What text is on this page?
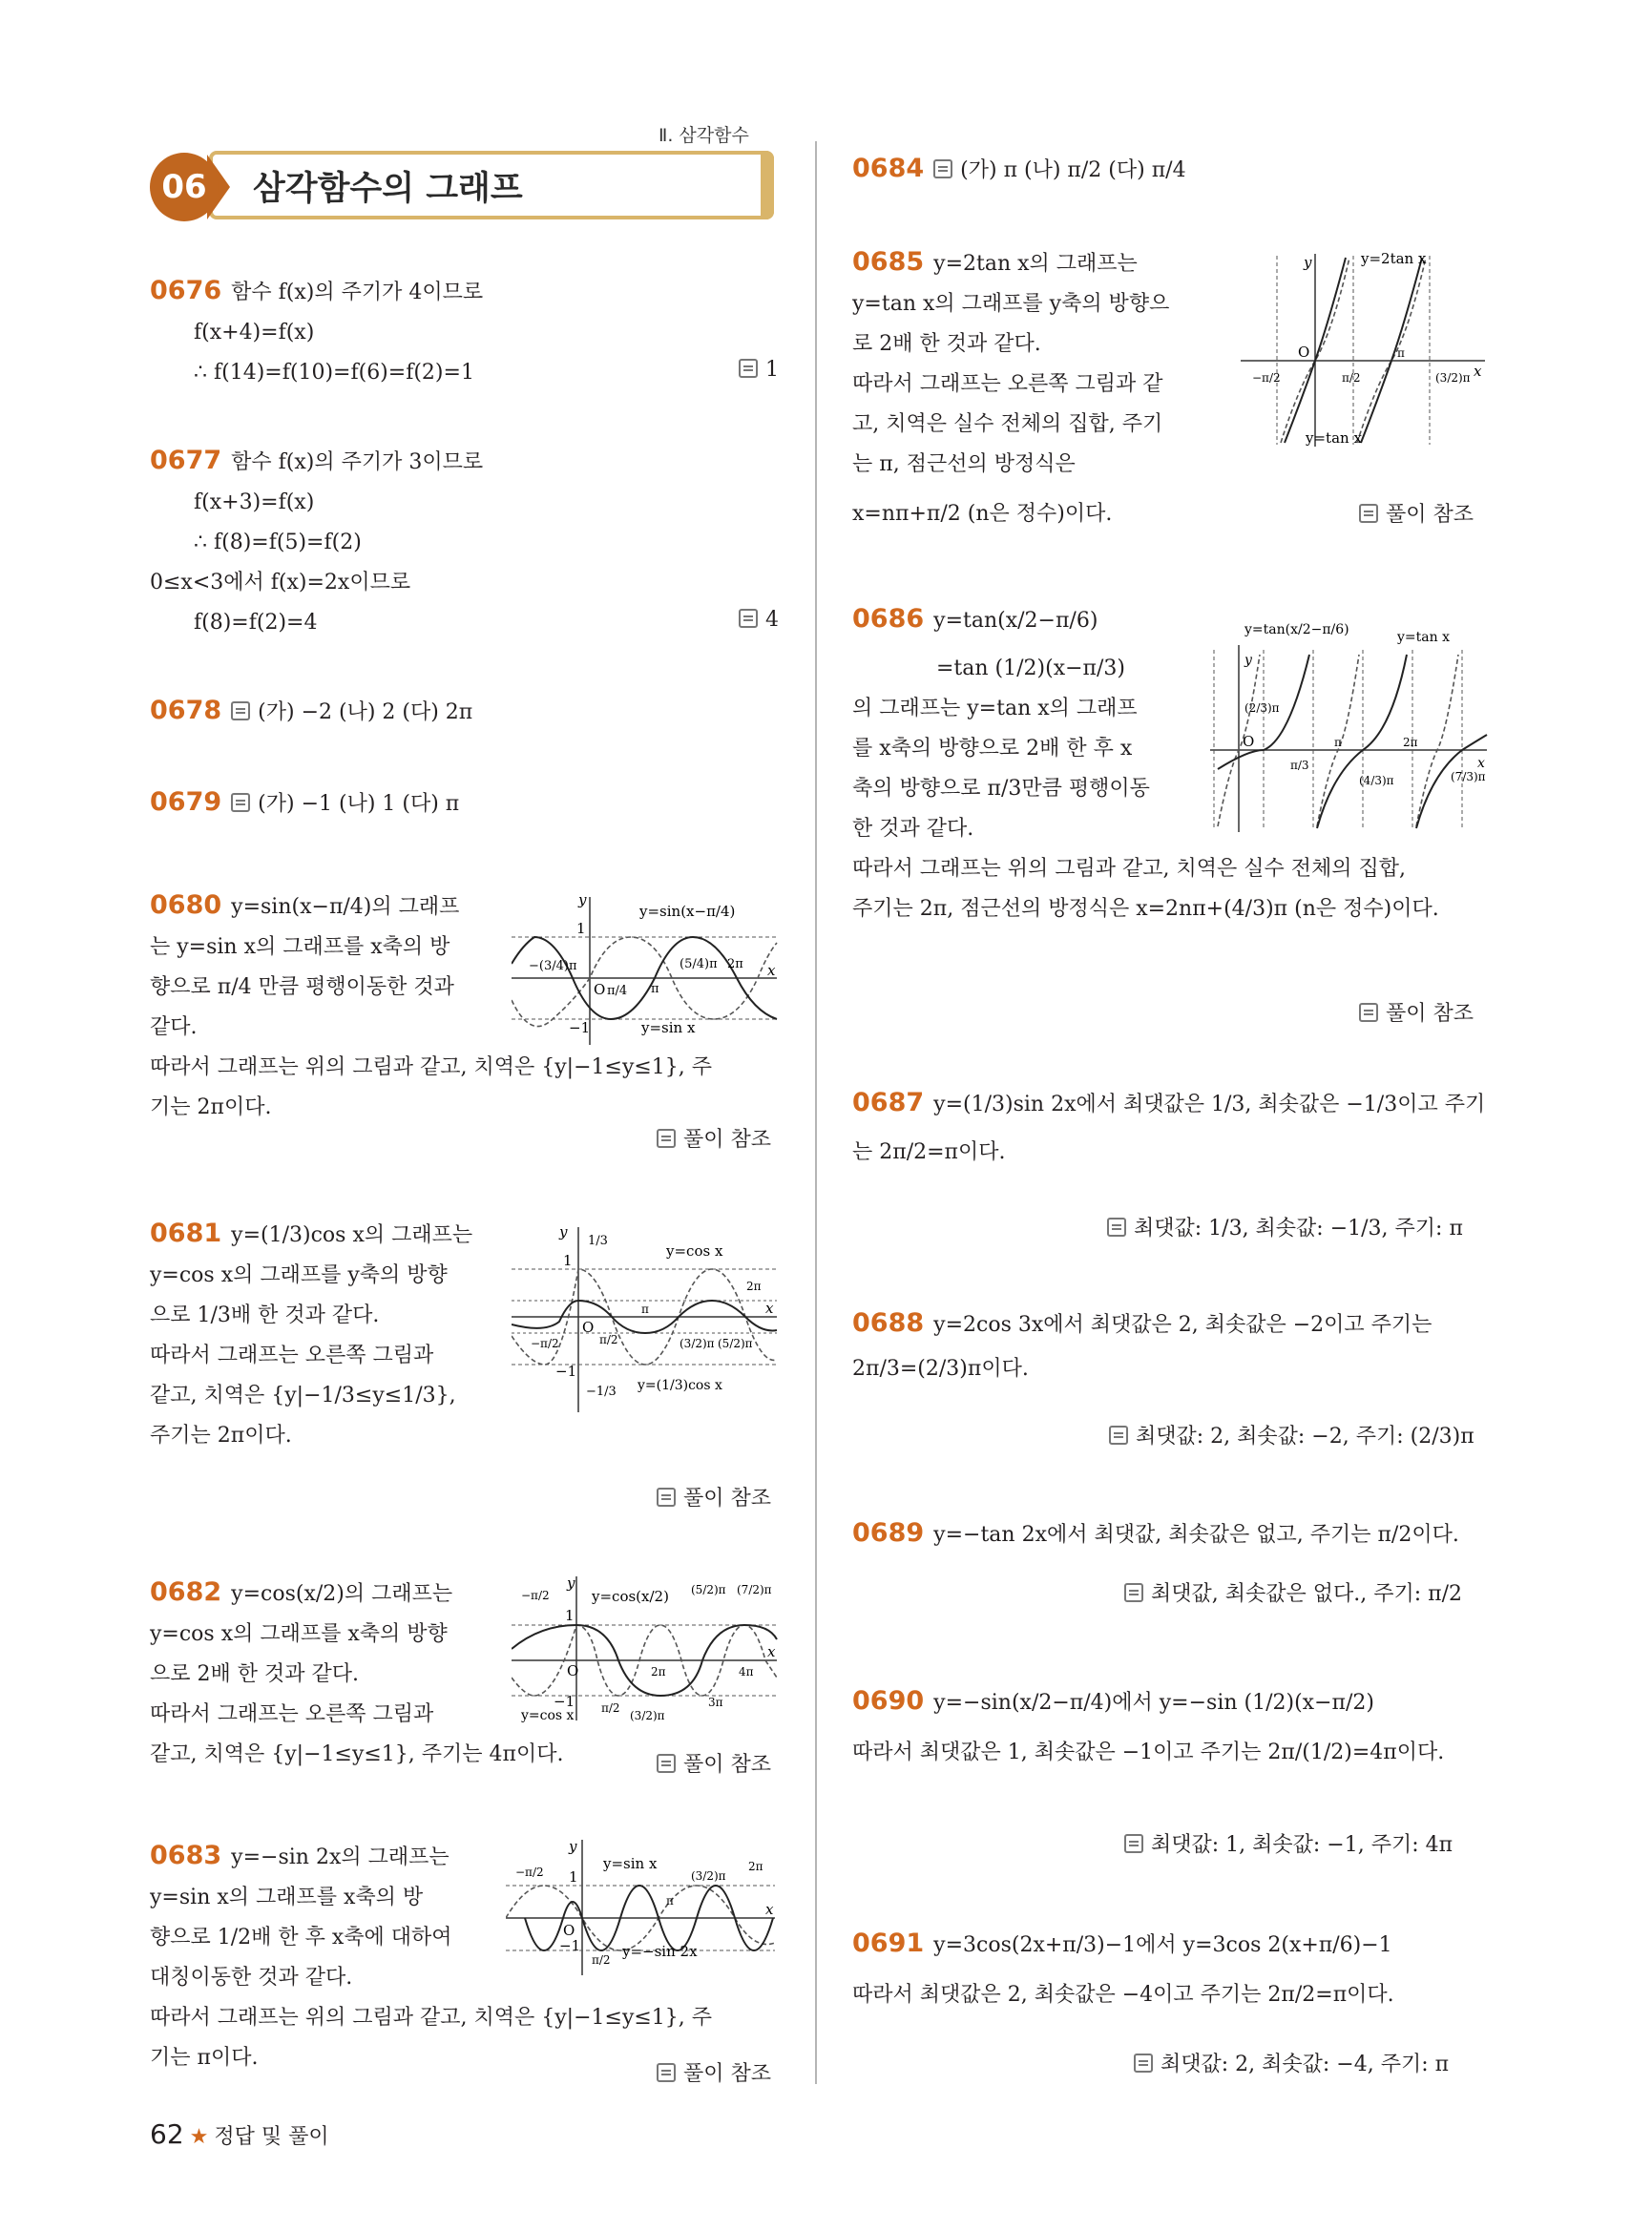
Ⅱ. 삼각함수
06	삼각함수의 그래프
0676 함수 f(x)의 주기가 4이므로
f(x+4)=f(x)
∴ f(14)=f(10)=f(6)=f(2)=1	1
0677 함수 f(x)의 주기가 3이므로
f(x+3)=f(x)
∴ f(8)=f(5)=f(2)
0≤x<3에서 f(x)=2x이므로
f(8)=f(2)=4	4
0678 (가) −2 (나) 2 (다) 2π
0679 (가) −1 (나) 1 (다) π
0680 y=sin(x−π/4)의 그래프
는 y=sin x의 그래프를 x축의 방
향으로 π/4 만큼 평행이동한 것과
같다.
따라서 그래프는 위의 그림과 같고, 치역은 {y|−1≤y≤1}, 주
기는 2π이다.
풀이 참조
0681 y=(1/3)cos x의 그래프는
y=cos x의 그래프를 y축의 방향
으로 1/3배 한 것과 같다.
따라서 그래프는 오른쪽 그림과
같고, 치역은 {y|−1/3≤y≤1/3},
주기는 2π이다.
풀이 참조
0682 y=cos(x/2)의 그래프는
y=cos x의 그래프를 x축의 방향
으로 2배 한 것과 같다.
따라서 그래프는 오른쪽 그림과
같고, 치역은 {y|−1≤y≤1}, 주기는 4π이다.	풀이 참조
0683 y=−sin 2x의 그래프는
y=sin x의 그래프를 x축의 방
향으로 1/2배 한 후 x축에 대하여
대칭이동한 것과 같다.
따라서 그래프는 위의 그림과 같고, 치역은 {y|−1≤y≤1}, 주
기는 π이다.
풀이 참조
y
1
−1
x
O
y=sin(x−π/4)
y=sin x
−(3/4)π
π/4 π
(5/4)π 2π
y
1
1/3
−1/3
−1
x
O
y=cos x
y=(1/3)cos x
−π/2	π/2
π
(3/2)π (5/2)π
2π
y
1
−1
x
O
y=cos(x/2)
y=cos x
−π/2
π/2
(3/2)π
2π
3π
4π
(5/2)π (7/2)π
y
1
−1
x
O
y=sin x
y=−sin 2x
−π/2
π/2
π
(3/2)π
2π
0684 (가) π (나) π/2 (다) π/4
0685 y=2tan x의 그래프는
y=tan x의 그래프를 y축의 방향으
로 2배 한 것과 같다.
따라서 그래프는 오른쪽 그림과 같
고, 치역은 실수 전체의 집합, 주기
는 π, 점근선의 방정식은
x=nπ+π/2 (n은 정수)이다.	풀이 참조
0686 y=tan(x/2−π/6)
=tan (1/2)(x−π/3)
의 그래프는 y=tan x의 그래프
를 x축의 방향으로 2배 한 후 x
축의 방향으로 π/3만큼 평행이동
한 것과 같다.
따라서 그래프는 위의 그림과 같고, 치역은 실수 전체의 집합,
주기는 2π, 점근선의 방정식은 x=2nπ+(4/3)π (n은 정수)이다.
풀이 참조
0687 y=(1/3)sin 2x에서 최댓값은 1/3, 최솟값은 −1/3이고 주기
는 2π/2=π이다.
최댓값: 1/3, 최솟값: −1/3, 주기: π
0688 y=2cos 3x에서 최댓값은 2, 최솟값은 −2이고 주기는
2π/3=(2/3)π이다.
최댓값: 2, 최솟값: −2, 주기: (2/3)π
0689 y=−tan 2x에서 최댓값, 최솟값은 없고, 주기는 π/2이다.
최댓값, 최솟값은 없다., 주기: π/2
0690 y=−sin(x/2−π/4)에서 y=−sin (1/2)(x−π/2)
따라서 최댓값은 1, 최솟값은 −1이고 주기는 2π/(1/2)=4π이다.
최댓값: 1, 최솟값: −1, 주기: 4π
0691 y=3cos(2x+π/3)−1에서 y=3cos 2(x+π/6)−1
따라서 최댓값은 2, 최솟값은 −4이고 주기는 2π/2=π이다.
최댓값: 2, 최솟값: −4, 주기: π
y
x
O
y=2tan x
y=tan x
−π/2	π/2
π
(3/2)π
y
x
O
y=tan(x/2−π/6)	y=tan x
(2/3)π
π/3
π
(4/3)π
2π
(7/3)π
62 ★ 정답 및 풀이
